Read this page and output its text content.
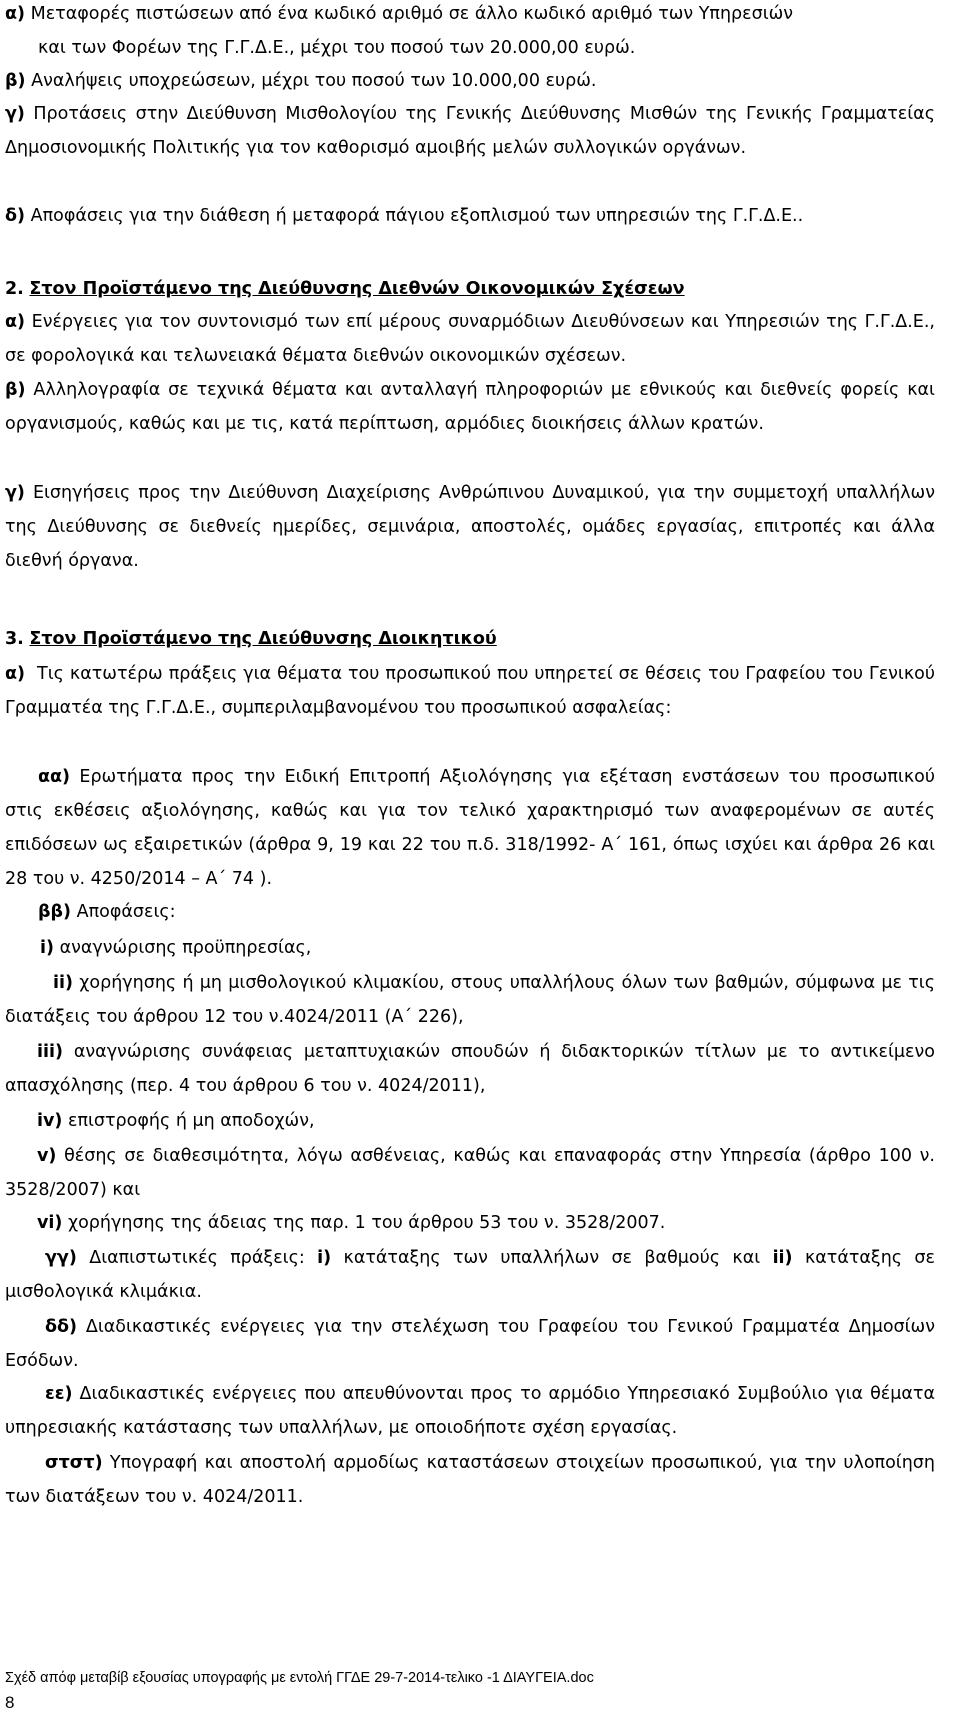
α) Μεταφορές πιστώσεων από ένα κωδικό αριθμό σε άλλο κωδικό αριθμό των Υπηρεσιών
και των Φορέων της Γ.Γ.Δ.Ε., μέχρι του ποσού των 20.000,00 ευρώ.
β) Αναλήψεις υποχρεώσεων, μέχρι του ποσού των 10.000,00 ευρώ.

γ) Προτάσεις στην Διεύθυνση Μισθολογίου της Γενικής Διεύθυνσης Μισθών της Γενικής Γραμματείας Δημοσιονομικής Πολιτικής για τον καθορισμό αμοιβής μελών συλλογικών οργάνων.

δ) Αποφάσεις για την διάθεση ή μεταφορά πάγιου εξοπλισμού των υπηρεσιών της Γ.Γ.Δ.Ε..
2. Στον Προϊστάμενο της Διεύθυνσης Διεθνών Οικονομικών Σχέσεων

α) Ενέργειες για τον συντονισμό των επί μέρους συναρμόδιων Διευθύνσεων και Υπηρεσιών της Γ.Γ.Δ.Ε., σε φορολογικά και τελωνειακά θέματα διεθνών οικονομικών σχέσεων.

β) Αλληλογραφία σε τεχνικά θέματα και ανταλλαγή πληροφοριών με εθνικούς και διεθνείς φορείς και οργανισμούς, καθώς και με τις, κατά περίπτωση, αρμόδιες διοικήσεις άλλων κρατών.

γ) Εισηγήσεις προς την Διεύθυνση Διαχείρισης Ανθρώπινου Δυναμικού, για την συμμετοχή υπαλλήλων της Διεύθυνσης σε διεθνείς ημερίδες, σεμινάρια, αποστολές, ομάδες εργασίας, επιτροπές και άλλα διεθνή όργανα.

3. Στον Προϊστάμενο της Διεύθυνσης Διοικητικού

α) Τις κατωτέρω πράξεις για θέματα του προσωπικού που υπηρετεί σε θέσεις του Γραφείου του Γενικού Γραμματέα της Γ.Γ.Δ.Ε., συμπεριλαμβανομένου του προσωπικού ασφαλείας:

αα) Ερωτήματα προς την Ειδική Επιτροπή Αξιολόγησης για εξέταση ενστάσεων του προσωπικού στις εκθέσεις αξιολόγησης, καθώς και για τον τελικό χαρακτηρισμό των αναφερομένων σε αυτές επιδόσεων ως εξαιρετικών (άρθρα 9, 19 και 22 του π.δ. 318/1992- Α΄ 161, όπως ισχύει και άρθρα 26 και 28 του ν. 4250/2014 – Α΄ 74 ).

ββ) Αποφάσεις:
i) αναγνώρισης προϋπηρεσίας,

ii) χορήγησης ή μη μισθολογικού κλιμακίου, στους υπαλλήλους όλων των βαθμών, σύμφωνα με τις διατάξεις του άρθρου 12 του ν.4024/2011 (Α΄ 226),

iii) αναγνώρισης συνάφειας μεταπτυχιακών σπουδών ή διδακτορικών τίτλων με το αντικείμενο απασχόλησης (περ. 4 του άρθρου 6 του ν. 4024/2011),

iv) επιστροφής ή μη αποδοχών,

v) θέσης σε διαθεσιμότητα, λόγω ασθένειας, καθώς και επαναφοράς στην Υπηρεσία (άρθρο 100 ν. 3528/2007) και

vi) χορήγησης της άδειας της παρ. 1 του άρθρου 53 του ν. 3528/2007.

γγ) Διαπιστωτικές πράξεις: i) κατάταξης των υπαλλήλων σε βαθμούς και ii) κατάταξης σε μισθολογικά κλιμάκια.

δδ) Διαδικαστικές ενέργειες για την στελέχωση του Γραφείου του Γενικού Γραμματέα Δημοσίων Εσόδων.

εε) Διαδικαστικές ενέργειες που απευθύνονται προς το αρμόδιο Υπηρεσιακό Συμβούλιο για θέματα υπηρεσιακής κατάστασης των υπαλλήλων, με οποιοδήποτε σχέση εργασίας.

στστ) Υπογραφή και αποστολή αρμοδίως καταστάσεων στοιχείων προσωπικού, για την υλοποίηση των διατάξεων του ν. 4024/2011.

Σχέδ απόφ μεταβίβ εξουσίας υπογραφής με εντολή ΓΓΔΕ 29-7-2014-τελικο -1 ΔΙΑΥΓΕΙΑ.doc
8
